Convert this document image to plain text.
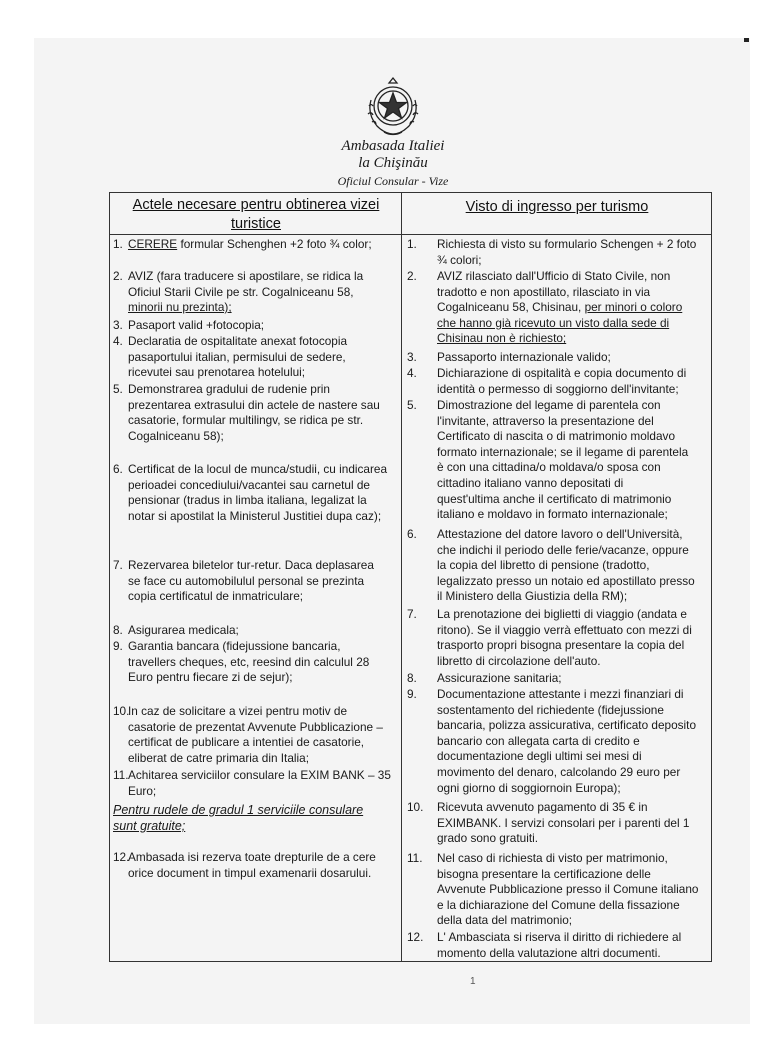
Ambasada Italiei
la Chişinău
Oficiul Consular - Vize
Actele necesare pentru obtinerea vizei turistice
Visto di ingresso per turismo
1. CERERE formular Schenghen +2 foto ¾ color;
2. AVIZ (fara traducere si apostilare, se ridica la
Oficiul Starii Civile pe str. Cogalniceanu 58,
minorii nu prezinta);
3. Pasaport valid +fotocopia;
4. Declaratia de ospitalitate anexat fotocopia
pasaportului italian, permisului de sedere,
ricevutei sau prenotarea hotelului;
5. Demonstrarea gradului de rudenie prin
prezentarea extrasului din actele de nastere sau
casatorie, formular multilingv, se ridica pe str.
Cogalniceanu 58);
6. Certificat de la locul de munca/studii, cu indicarea
perioadei concediului/vacantei sau carnetul de
pensionar (tradus in limba italiana, legalizat la
notar si apostilat la Ministerul Justitiei dupa caz);
7. Rezervarea biletelor tur-retur. Daca deplasarea
se face cu automobilulul personal se prezinta
copia certificatul de inmatriculare;
8. Asigurarea medicala;
9. Garantia bancara (fidejussione bancaria,
travellers cheques, etc, reesind din calculul 28
Euro pentru fiecare zi de sejur);
10.
In caz de solicitare a vizei pentru motiv de
casatorie de prezentat Avvenute Pubblicazione –
certificat de publicare a intentiei de casatorie,
eliberat de catre primaria din Italia;
11. Achitarea serviciilor consulare la EXIM BANK – 35
Euro;
Pentru rudele de gradul 1 serviciile consulare
sunt gratuite;
12.
Ambasada isi rezerva toate drepturile de a cere
orice document in timpul examenarii dosarului.
1. Richiesta di visto su formulario Schengen + 2 foto
¾ colori;
2. AVIZ rilasciato dall'Ufficio di Stato Civile, non
tradotto e non apostillato, rilasciato in via
Cogalniceanu 58, Chisinau, per minori o coloro
che hanno già ricevuto un visto dalla sede di
Chisinau non è richiesto;
3. Passaporto internazionale valido;
4. Dichiarazione di ospitalità e copia documento di
identità o permesso di soggiorno dell'invitante;
5. Dimostrazione del legame di parentela con
l'invitante, attraverso la presentazione del
Certificato di nascita o di matrimonio moldavo
formato internazionale; se il legame di parentela
è con una cittadina/o moldava/o sposa con
cittadino italiano vanno depositati di
quest'ultima anche il certificato di matrimonio
italiano e moldavo in formato internazionale;
6. Attestazione del datore lavoro o dell'Università,
che indichi il periodo delle ferie/vacanze, oppure
la copia del libretto di pensione (tradotto,
legalizzato presso un notaio ed apostillato presso
il Ministero della Giustizia della RM);
7. La prenotazione dei biglietti di viaggio (andata e
ritono). Se il viaggio verrà effettuato con mezzi di
trasporto propri bisogna presentare la copia del
libretto di circolazione dell'auto.
8. Assicurazione sanitaria;
9. Documentazione attestante i mezzi finanziari di
sostentamento del richiedente (fidejussione
bancaria, polizza assicurativa, certificato deposito
bancario con allegata carta di credito e
documentazione degli ultimi sei mesi di
movimento del denaro, calcolando 29 euro per
ogni giorno di soggiornoin Europa);
10. Ricevuta avvenuto pagamento di 35 € in
EXIMBANK. I servizi consolari per i parenti del 1
grado sono gratuiti.
11. Nel caso di richiesta di visto per matrimonio,
bisogna presentare la certificazione delle
Avvenute Pubblicazione presso il Comune italiano
e la dichiarazione del Comune della fissazione
della data del matrimonio;
12. L' Ambasciata si riserva il diritto di richiedere al
momento della valutazione altri documenti.
1
